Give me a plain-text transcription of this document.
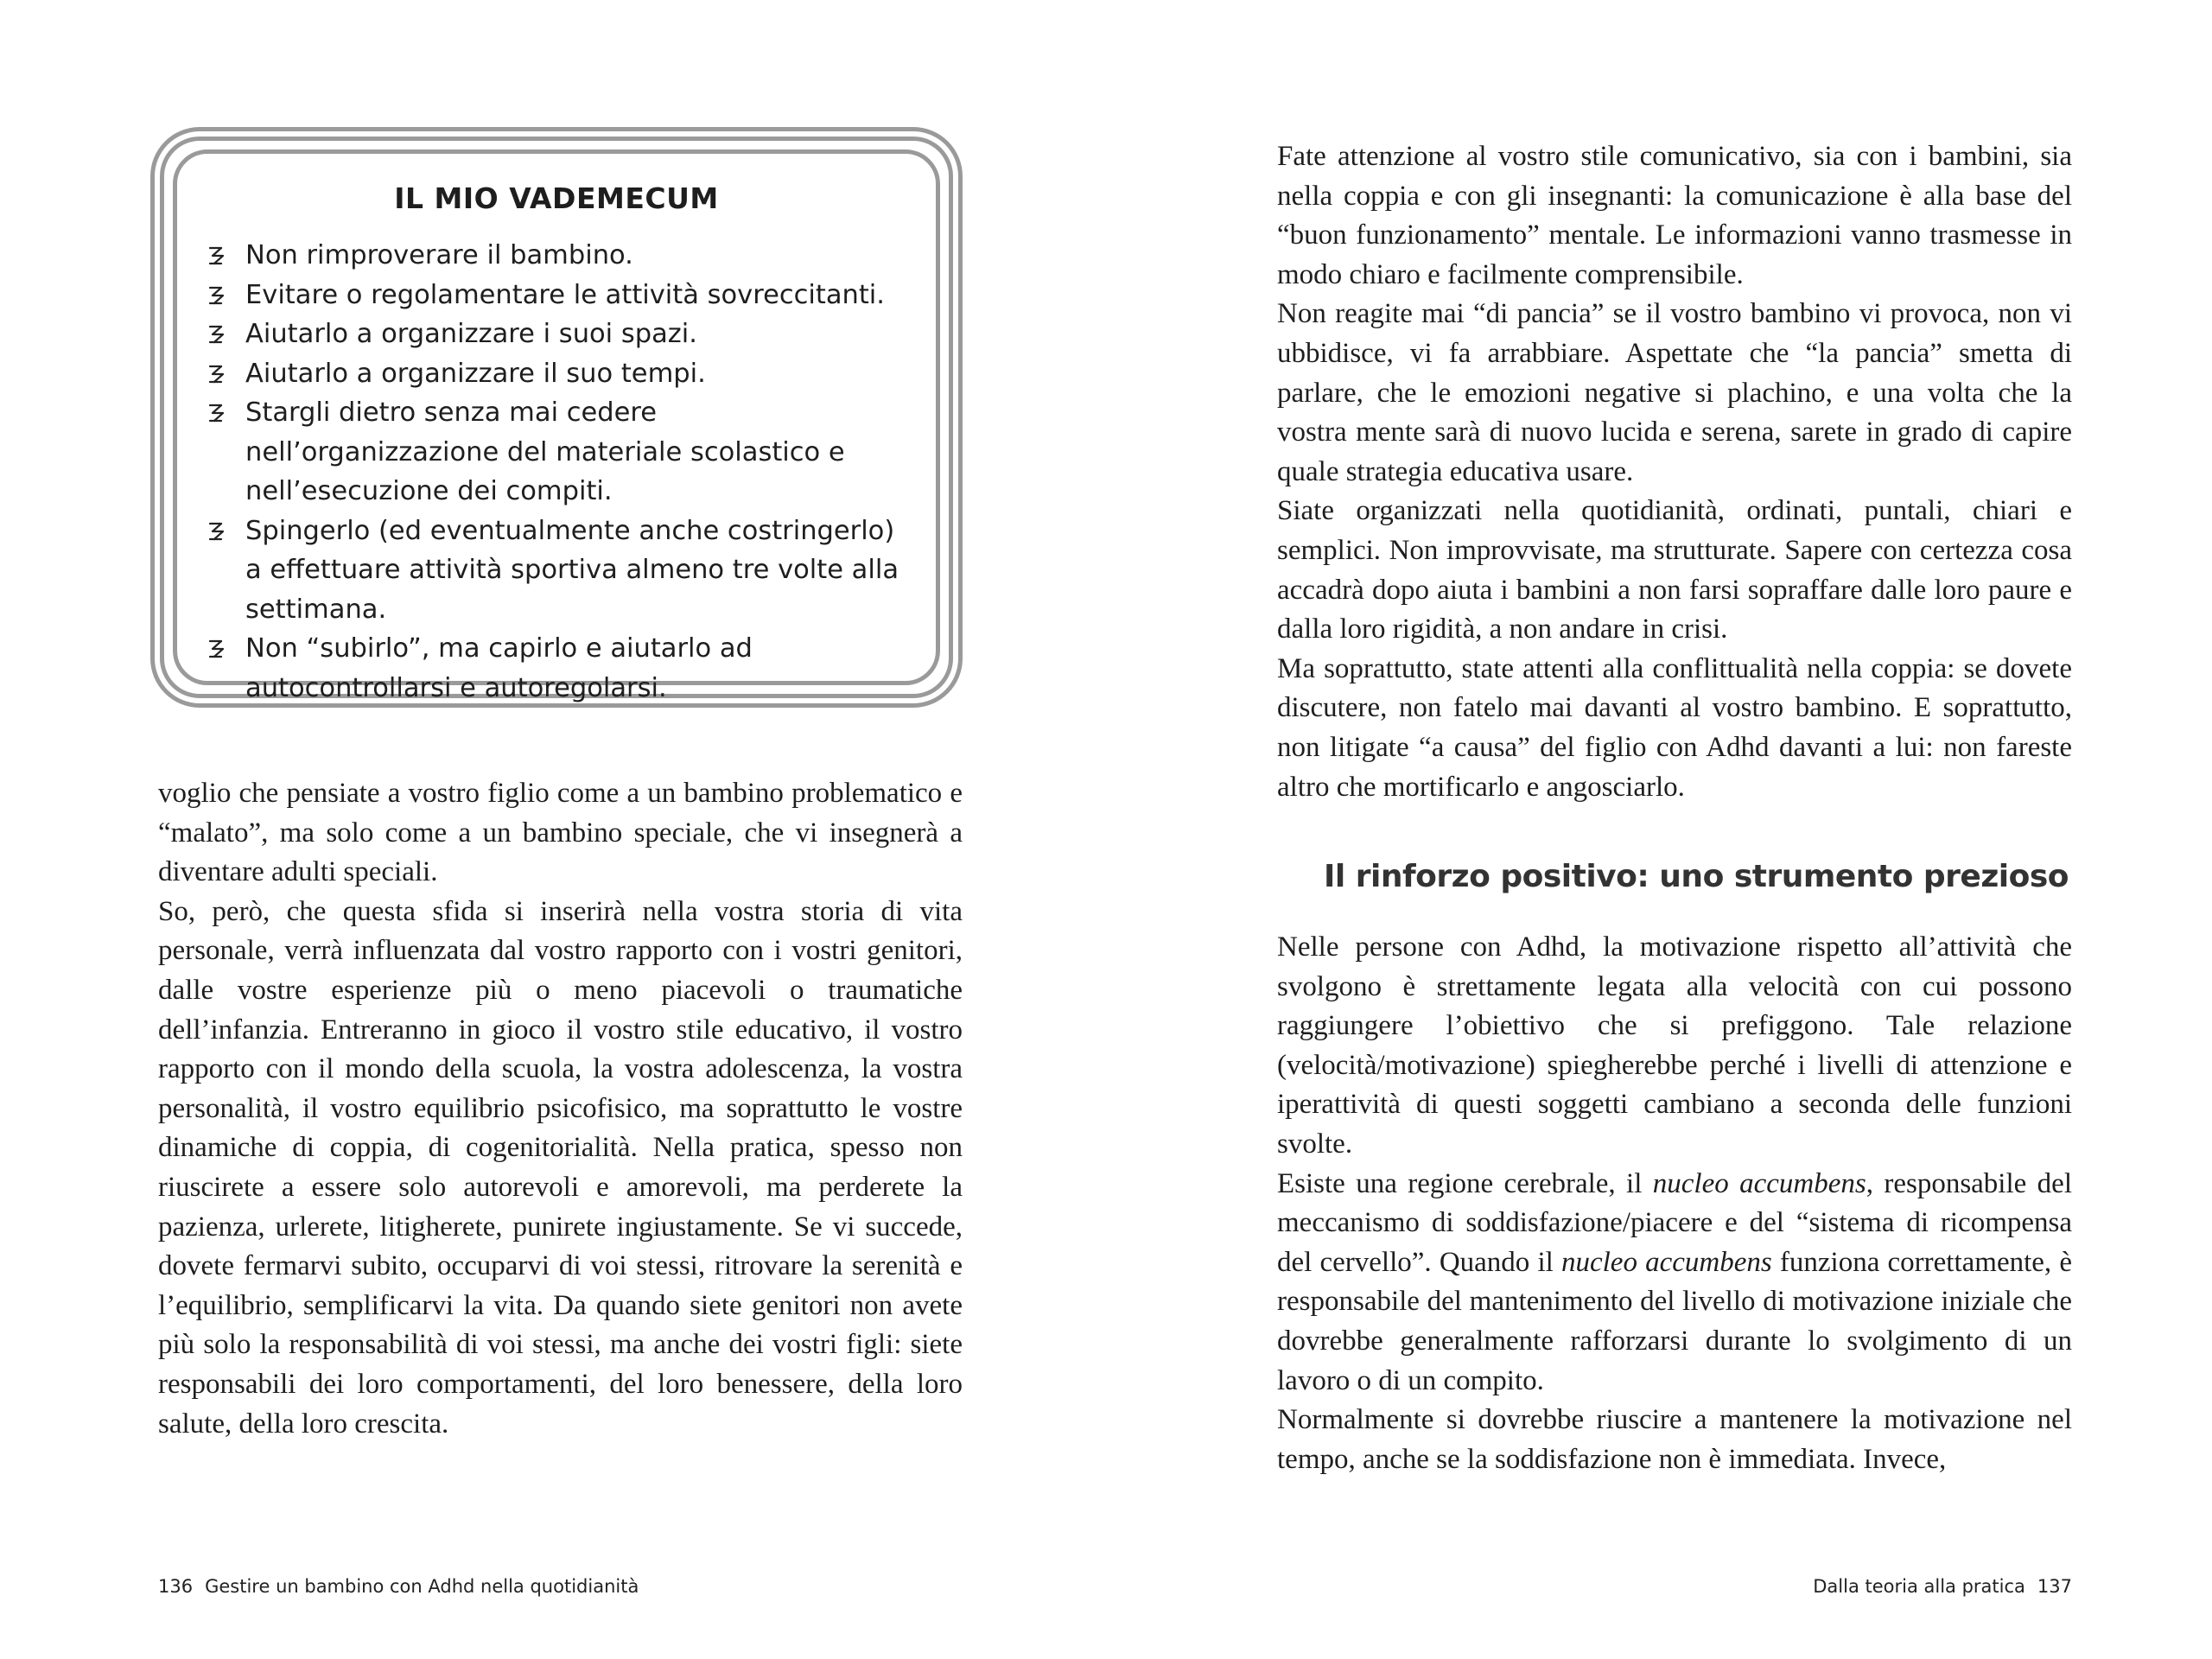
IL MIO VADEMECUM
Non rimproverare il bambino.
Evitare o regolamentare le attività sovreccitanti.
Aiutarlo a organizzare i suoi spazi.
Aiutarlo a organizzare il suo tempi.
Stargli dietro senza mai cedere nell’organizzazione del materiale scolastico e nell’esecuzione dei compiti.
Spingerlo (ed eventualmente anche costringerlo) a effettuare attività sportiva almeno tre volte alla settimana.
Non “subirlo”, ma capirlo e aiutarlo ad autocontrollarsi e autoregolarsi.

voglio che pensiate a vostro figlio come a un bambino problematico e “malato”, ma solo come a un bambino speciale, che vi insegnerà a diventare adulti speciali.

So, però, che questa sfida si inserirà nella vostra storia di vita personale, verrà influenzata dal vostro rapporto con i vostri genitori, dalle vostre esperienze più o meno piacevoli o traumatiche dell’infanzia. Entreranno in gioco il vostro stile educativo, il vostro rapporto con il mondo della scuola, la vostra adolescenza, la vostra personalità, il vostro equilibrio psicofisico, ma soprattutto le vostre dinamiche di coppia, di cogenitorialità. Nella pratica, spesso non riuscirete a essere solo autorevoli e amorevoli, ma perderete la pazienza, urlerete, litigherete, punirete ingiustamente. Se vi succede, dovete fermarvi subito, occuparvi di voi stessi, ritrovare la serenità e l’equilibrio, semplificarvi la vita. Da quando siete genitori non avete più solo la responsabilità di voi stessi, ma anche dei vostri figli: siete responsabili dei loro comportamenti, del loro benessere, della loro salute, della loro crescita.

136 Gestire un bambino con Adhd nella quotidianità

Fate attenzione al vostro stile comunicativo, sia con i bambini, sia nella coppia e con gli insegnanti: la comunicazione è alla base del “buon funzionamento” mentale. Le informazioni vanno trasmesse in modo chiaro e facilmente comprensibile.

Non reagite mai “di pancia” se il vostro bambino vi provoca, non vi ubbidisce, vi fa arrabbiare. Aspettate che “la pancia” smetta di parlare, che le emozioni negative si plachino, e una volta che la vostra mente sarà di nuovo lucida e serena, sarete in grado di capire quale strategia educativa usare.

Siate organizzati nella quotidianità, ordinati, puntali, chiari e semplici. Non improvvisate, ma strutturate. Sapere con certezza cosa accadrà dopo aiuta i bambini a non farsi sopraffare dalle loro paure e dalla loro rigidità, a non andare in crisi.

Ma soprattutto, state attenti alla conflittualità nella coppia: se dovete discutere, non fatelo mai davanti al vostro bambino. E soprattutto, non litigate “a causa” del figlio con Adhd davanti a lui: non fareste altro che mortificarlo e angosciarlo.

Il rinforzo positivo: uno strumento prezioso

Nelle persone con Adhd, la motivazione rispetto all’attività che svolgono è strettamente legata alla velocità con cui possono raggiungere l’obiettivo che si prefiggono. Tale relazione (velocità/motivazione) spiegherebbe perché i livelli di attenzione e iperattività di questi soggetti cambiano a seconda delle funzioni svolte.

Esiste una regione cerebrale, il nucleo accumbens, responsabile del meccanismo di soddisfazione/piacere e del “sistema di ricompensa del cervello”. Quando il nucleo accumbens funziona correttamente, è responsabile del mantenimento del livello di motivazione iniziale che dovrebbe generalmente rafforzarsi durante lo svolgimento di un lavoro o di un compito.

Normalmente si dovrebbe riuscire a mantenere la motivazione nel tempo, anche se la soddisfazione non è immediata. Invece,

Dalla teoria alla pratica 137
